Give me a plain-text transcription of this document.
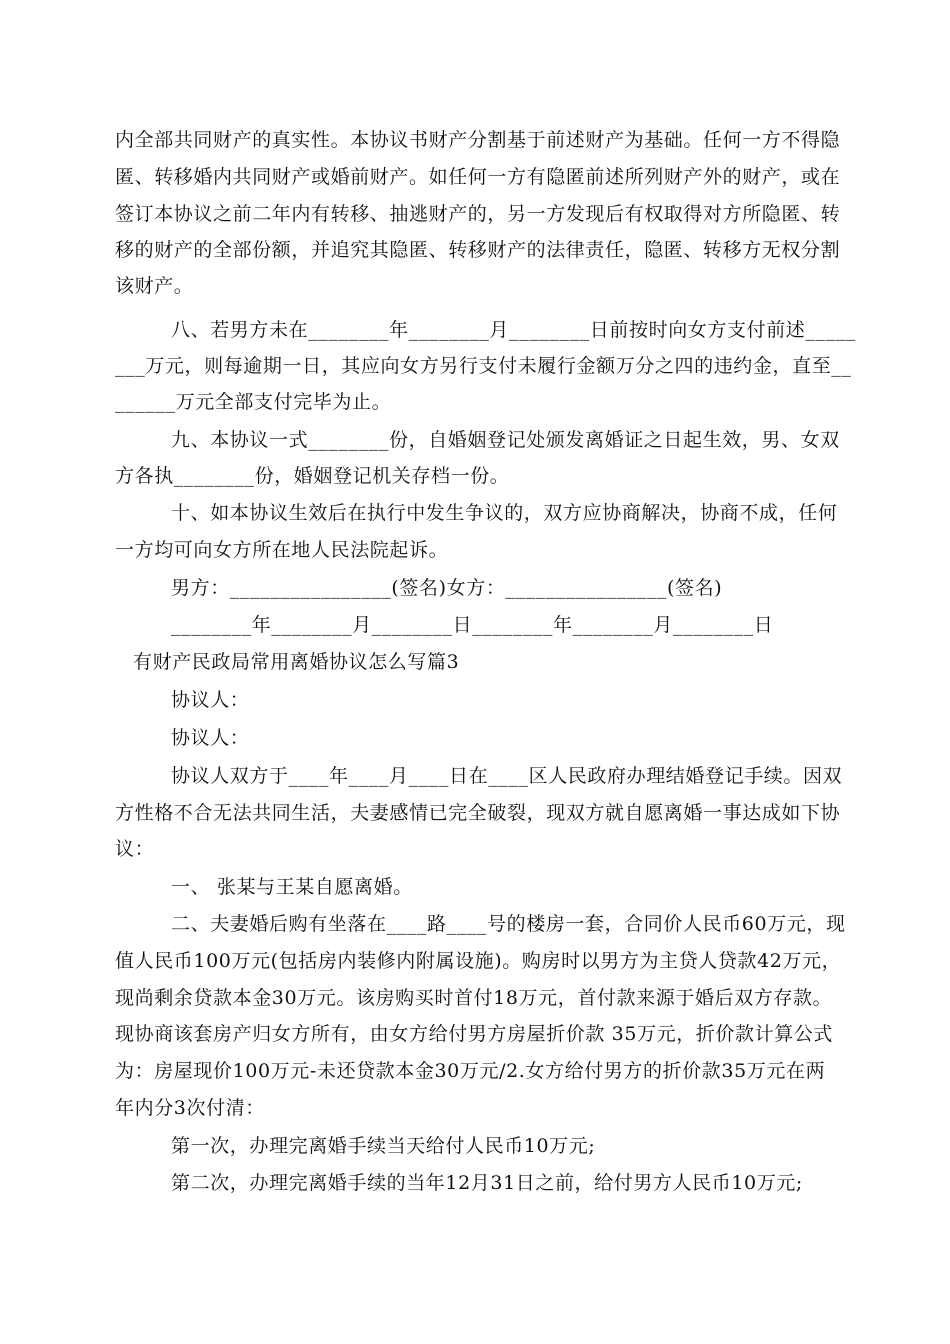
内全部共同财产的真实性。本协议书财产分割基于前述财产为基础。任何一方不得隐
匿、转移婚内共同财产或婚前财产。如任何一方有隐匿前述所列财产外的财产，或在
签订本协议之前二年内有转移、抽逃财产的，另一方发现后有权取得对方所隐匿、转
移的财产的全部份额，并追究其隐匿、转移财产的法律责任，隐匿、转移方无权分割
该财产。
八、若男方未在________年________月________日前按时向女方支付前述_____
___万元，则每逾期一日，其应向女方另行支付未履行金额万分之四的违约金，直至__
______万元全部支付完毕为止。
九、本协议一式________份，自婚姻登记处颁发离婚证之日起生效，男、女双
方各执________份，婚姻登记机关存档一份。
十、如本协议生效后在执行中发生争议的，双方应协商解决，协商不成，任何
一方均可向女方所在地人民法院起诉。
男方：________________(签名)女方：________________(签名)
________年________月________日________年________月________日
有财产民政局常用离婚协议怎么写篇3
协议人：
协议人：
协议人双方于____年____月____日在____区人民政府办理结婚登记手续。因双
方性格不合无法共同生活，夫妻感情已完全破裂，现双方就自愿离婚一事达成如下协
议：
一、 张某与王某自愿离婚。
二、夫妻婚后购有坐落在____路____号的楼房一套，合同价人民币60万元，现
值人民币100万元(包括房内装修内附属设施)。购房时以男方为主贷人贷款42万元，
现尚剩余贷款本金30万元。该房购买时首付18万元，首付款来源于婚后双方存款。
现协商该套房产归女方所有，由女方给付男方房屋折价款 35万元，折价款计算公式
为：房屋现价100万元-未还贷款本金30万元/2.女方给付男方的折价款35万元在两
年内分3次付清：
第一次，办理完离婚手续当天给付人民币10万元;
第二次，办理完离婚手续的当年12月31日之前，给付男方人民币10万元;
